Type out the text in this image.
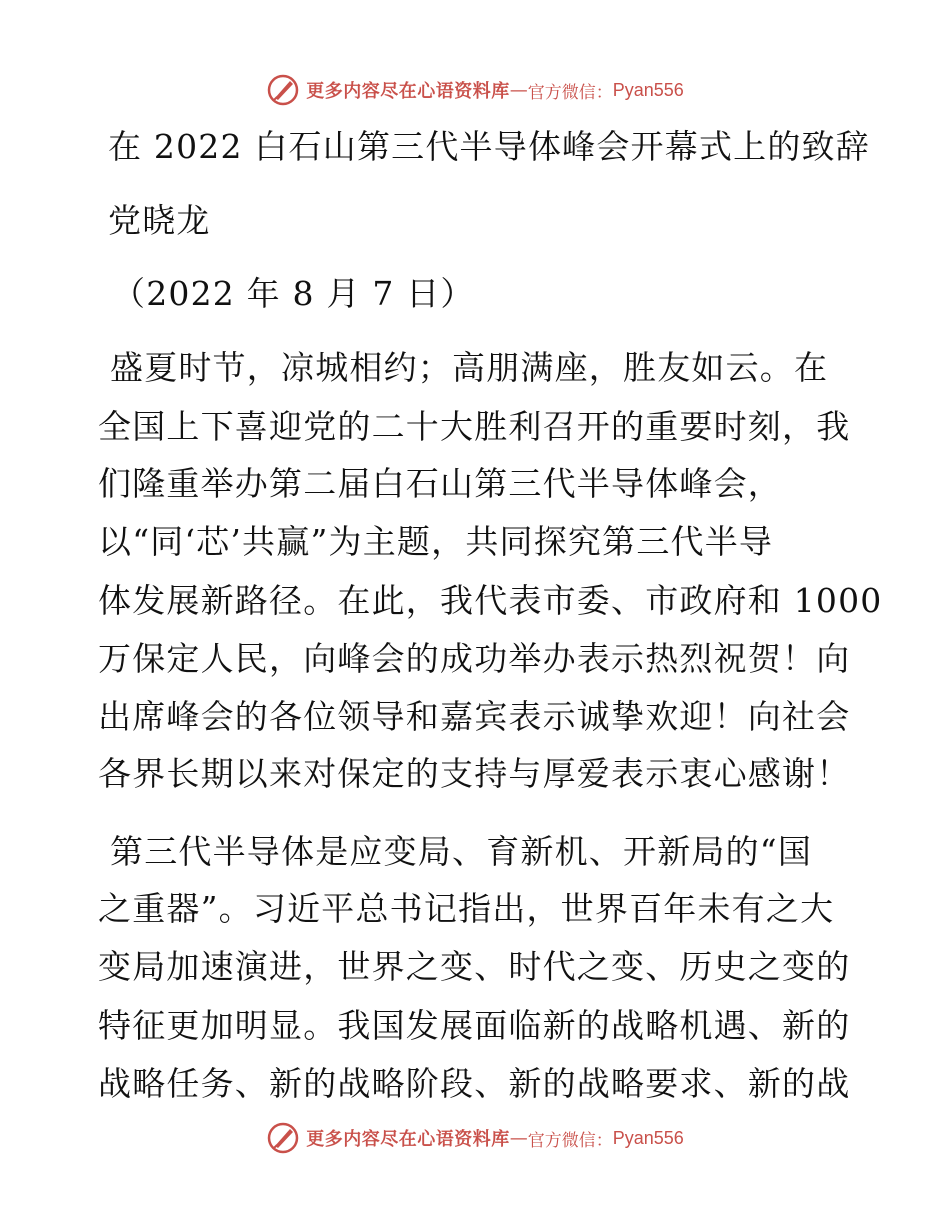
更多内容尽在心语资料库 — 官方微信： Pyan556
在 2022 白石山第三代半导体峰会开幕式上的致辞
党晓龙
（2022 年 8 月 7 日）
盛夏时节，凉城相约；高朋满座，胜友如云。在
全国上下喜迎党的二十大胜利召开的重要时刻，我
们隆重举办第二届白石山第三代半导体峰会，
以“同‘芯’共赢”为主题，共同探究第三代半导
体发展新路径。在此，我代表市委、市政府和 1000
万保定人民，向峰会的成功举办表示热烈祝贺！向
出席峰会的各位领导和嘉宾表示诚挚欢迎！向社会
各界长期以来对保定的支持与厚爱表示衷心感谢！
第三代半导体是应变局、育新机、开新局的“国
之重器”。习近平总书记指出，世界百年未有之大
变局加速演进，世界之变、时代之变、历史之变的
特征更加明显。我国发展面临新的战略机遇、新的
战略任务、新的战略阶段、新的战略要求、新的战
更多内容尽在心语资料库 — 官方微信： Pyan556
